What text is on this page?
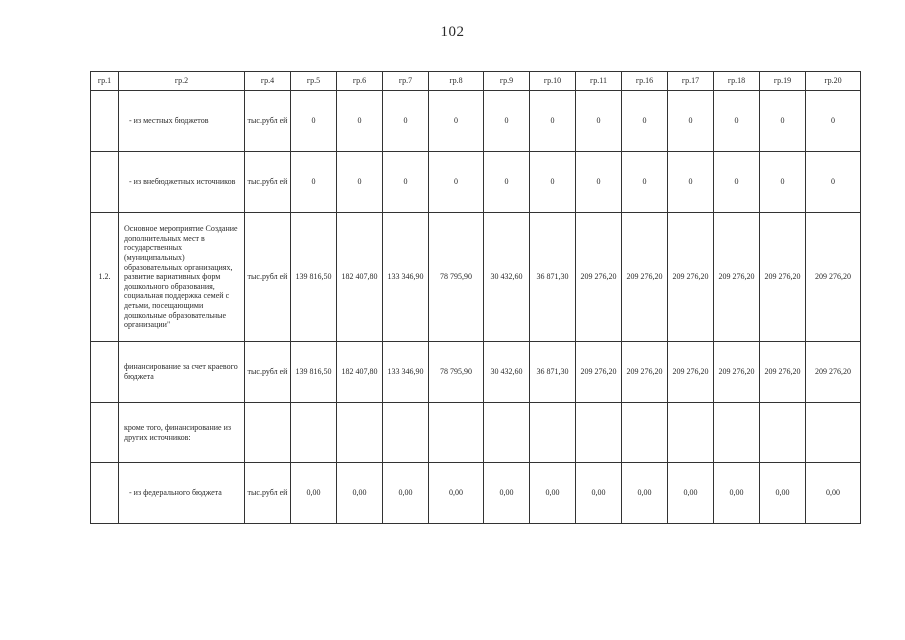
102
гр.1	гр.2	гр.4	гр.5	гр.6	гр.7	гр.8	гр.9	гр.10	гр.11	гр.16	гр.17	гр.18	гр.19	гр.20
	- из местных бюджетов	тыс.рубл ей	0	0	0	0	0	0	0	0	0	0	0	0
	- из внебюджетных источников	тыс.рубл ей	0	0	0	0	0	0	0	0	0	0	0	0
1.2.	Основное мероприятие Создание дополнительных мест в государственных (муниципальных) образовательных организациях, развитие вариативных форм дошкольного образования, социальная поддержка семей с детьми, посещающими дошкольные образовательные организации"	тыс.рубл ей	139 816,50	182 407,80	133 346,90	78 795,90	30 432,60	36 871,30	209 276,20	209 276,20	209 276,20	209 276,20	209 276,20	209 276,20
	финансирование за счет краевого бюджета	тыс.рубл ей	139 816,50	182 407,80	133 346,90	78 795,90	30 432,60	36 871,30	209 276,20	209 276,20	209 276,20	209 276,20	209 276,20	209 276,20
	кроме того, финансирование из других источников:													
	- из федерального бюджета	тыс.рубл ей	0,00	0,00	0,00	0,00	0,00	0,00	0,00	0,00	0,00	0,00	0,00	0,00
